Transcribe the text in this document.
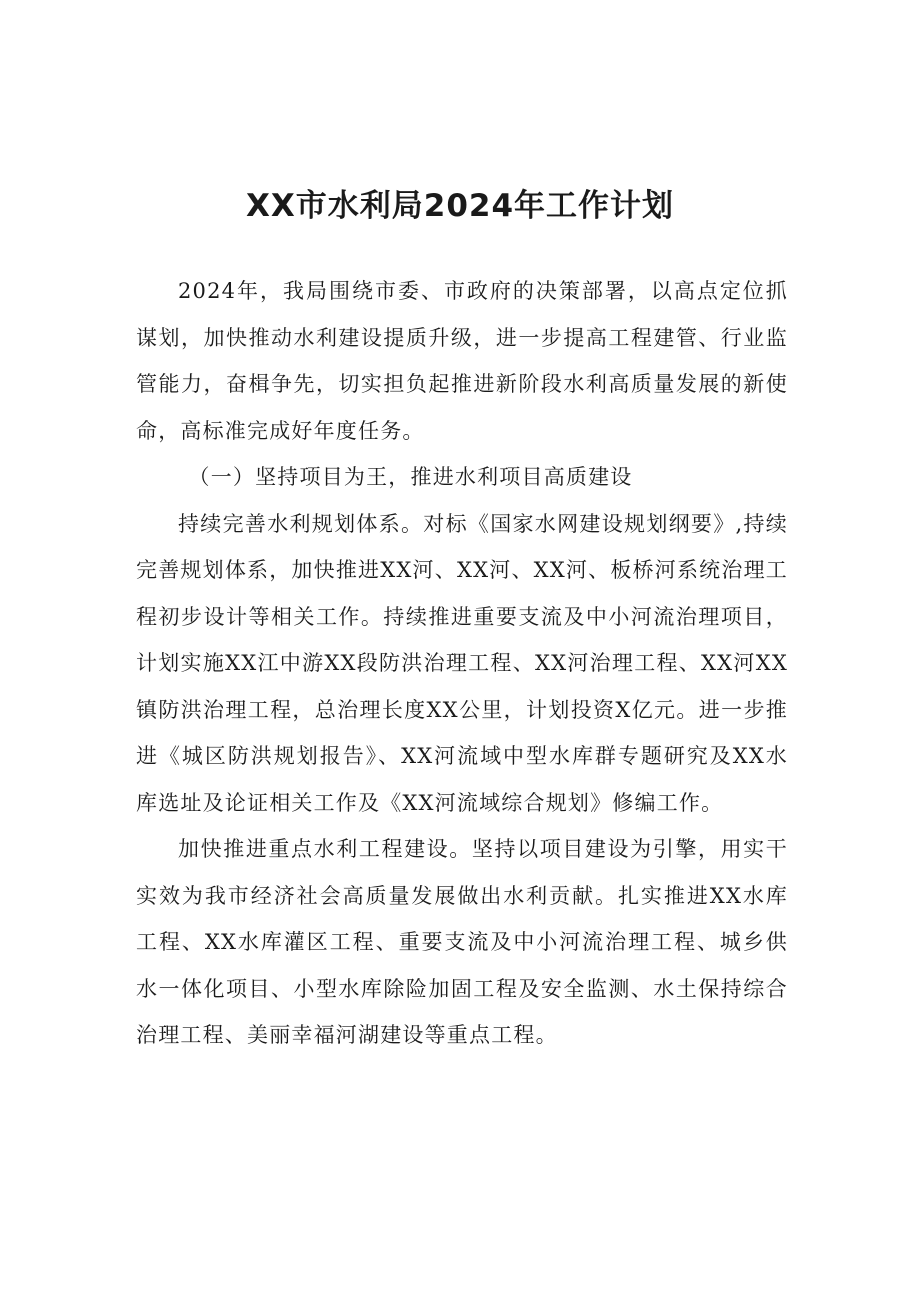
XX市水利局2024年工作计划

2024年，我局围绕市委、市政府的决策部署，以高点定位抓谋划，加快推动水利建设提质升级，进一步提高工程建管、行业监管能力，奋楫争先，切实担负起推进新阶段水利高质量发展的新使命，高标准完成好年度任务。

（一）坚持项目为王，推进水利项目高质建设

持续完善水利规划体系。对标《国家水网建设规划纲要》,持续完善规划体系，加快推进XX河、XX河、XX河、板桥河系统治理工程初步设计等相关工作。持续推进重要支流及中小河流治理项目，计划实施XX江中游XX段防洪治理工程、XX河治理工程、XX河XX镇防洪治理工程，总治理长度XX公里，计划投资X亿元。进一步推进《城区防洪规划报告》、XX河流域中型水库群专题研究及XX水库选址及论证相关工作及《XX河流域综合规划》修编工作。

加快推进重点水利工程建设。坚持以项目建设为引擎，用实干实效为我市经济社会高质量发展做出水利贡献。扎实推进XX水库工程、XX水库灌区工程、重要支流及中小河流治理工程、城乡供水一体化项目、小型水库除险加固工程及安全监测、水土保持综合治理工程、美丽幸福河湖建设等重点工程。
